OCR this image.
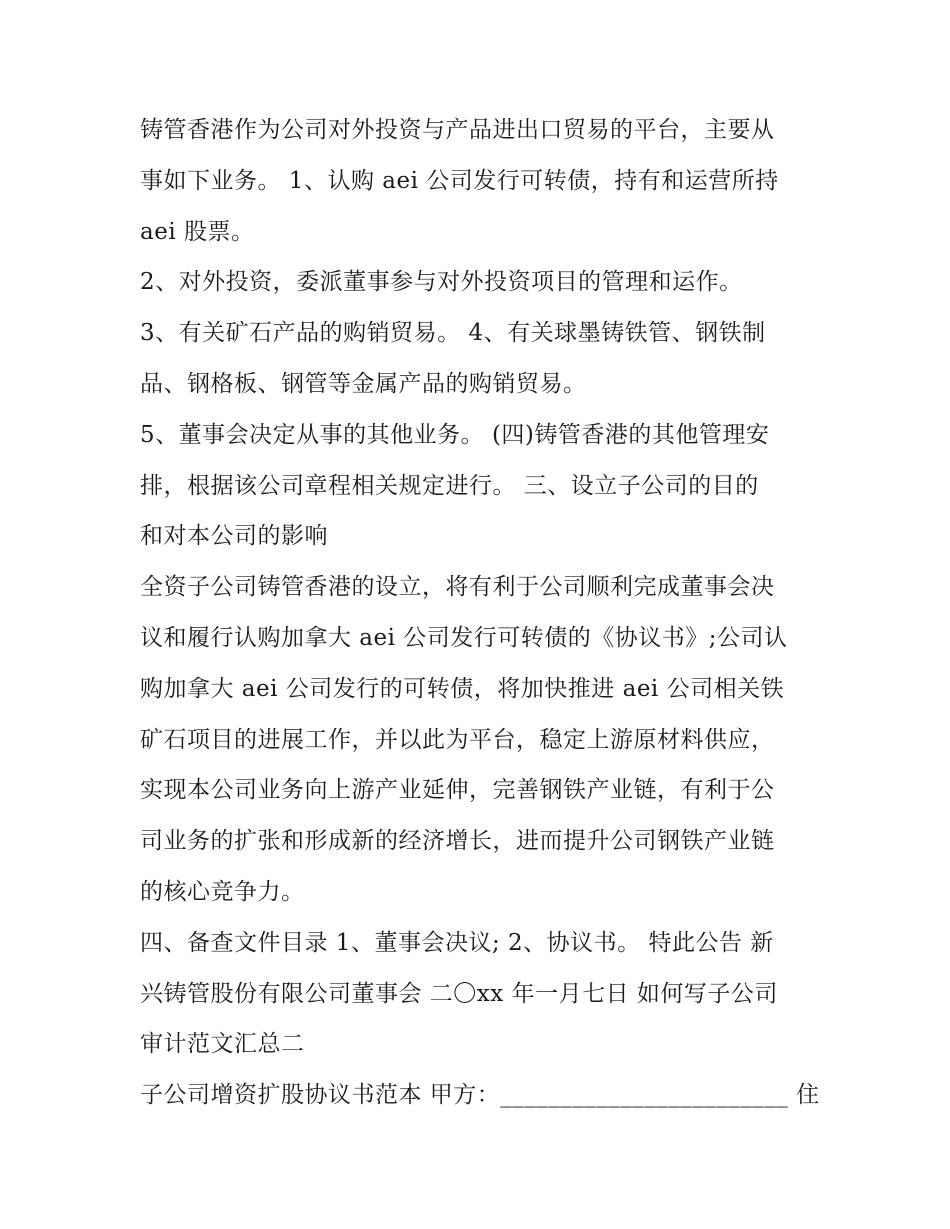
铸管香港作为公司对外投资与产品进出口贸易的平台，主要从
事如下业务。 1、认购 aei 公司发行可转债，持有和运营所持
aei 股票。
2、对外投资，委派董事参与对外投资项目的管理和运作。
3、有关矿石产品的购销贸易。 4、有关球墨铸铁管、钢铁制
品、钢格板、钢管等金属产品的购销贸易。
5、董事会决定从事的其他业务。 (四)铸管香港的其他管理安
排，根据该公司章程相关规定进行。 三、设立子公司的目的
和对本公司的影响
全资子公司铸管香港的设立，将有利于公司顺利完成董事会决
议和履行认购加拿大 aei 公司发行可转债的《协议书》;公司认
购加拿大 aei 公司发行的可转债，将加快推进 aei 公司相关铁
矿石项目的进展工作，并以此为平台，稳定上游原材料供应，
实现本公司业务向上游产业延伸，完善钢铁产业链，有利于公
司业务的扩张和形成新的经济增长，进而提升公司钢铁产业链
的核心竞争力。
四、备查文件目录 1、董事会决议; 2、协议书。 特此公告 新
兴铸管股份有限公司董事会 二〇xx 年一月七日 如何写子公司
审计范文汇总二
子公司增资扩股协议书范本 甲方：________________________ 住
